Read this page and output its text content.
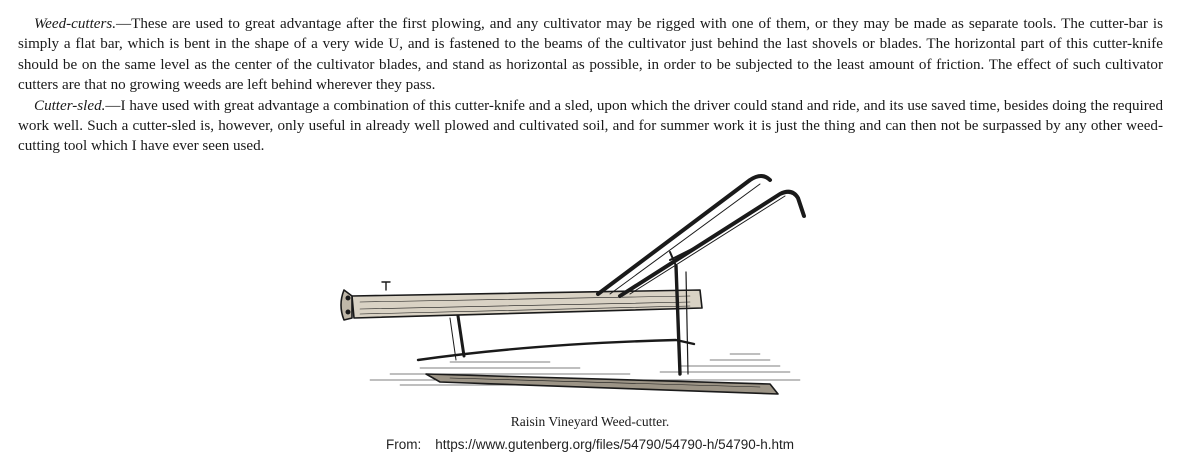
Weed-cutters.—These are used to great advantage after the first plowing, and any cultivator may be rigged with one of them, or they may be made as separate tools. The cutter-bar is simply a flat bar, which is bent in the shape of a very wide U, and is fastened to the beams of the cultivator just behind the last shovels or blades. The horizontal part of this cutter-knife should be on the same level as the center of the cultivator blades, and stand as horizontal as possible, in order to be subjected to the least amount of friction. The effect of such cultivator cutters are that no growing weeds are left behind wherever they pass.

Cutter-sled.—I have used with great advantage a combination of this cutter-knife and a sled, upon which the driver could stand and ride, and its use saved time, besides doing the required work well. Such a cutter-sled is, however, only useful in already well plowed and cultivated soil, and for summer work it is just the thing and can then not be surpassed by any other weed-cutting tool which I have ever seen used.

Raisin Vineyard Weed-cutter.
From: https://www.gutenberg.org/files/54790/54790-h/54790-h.htm
